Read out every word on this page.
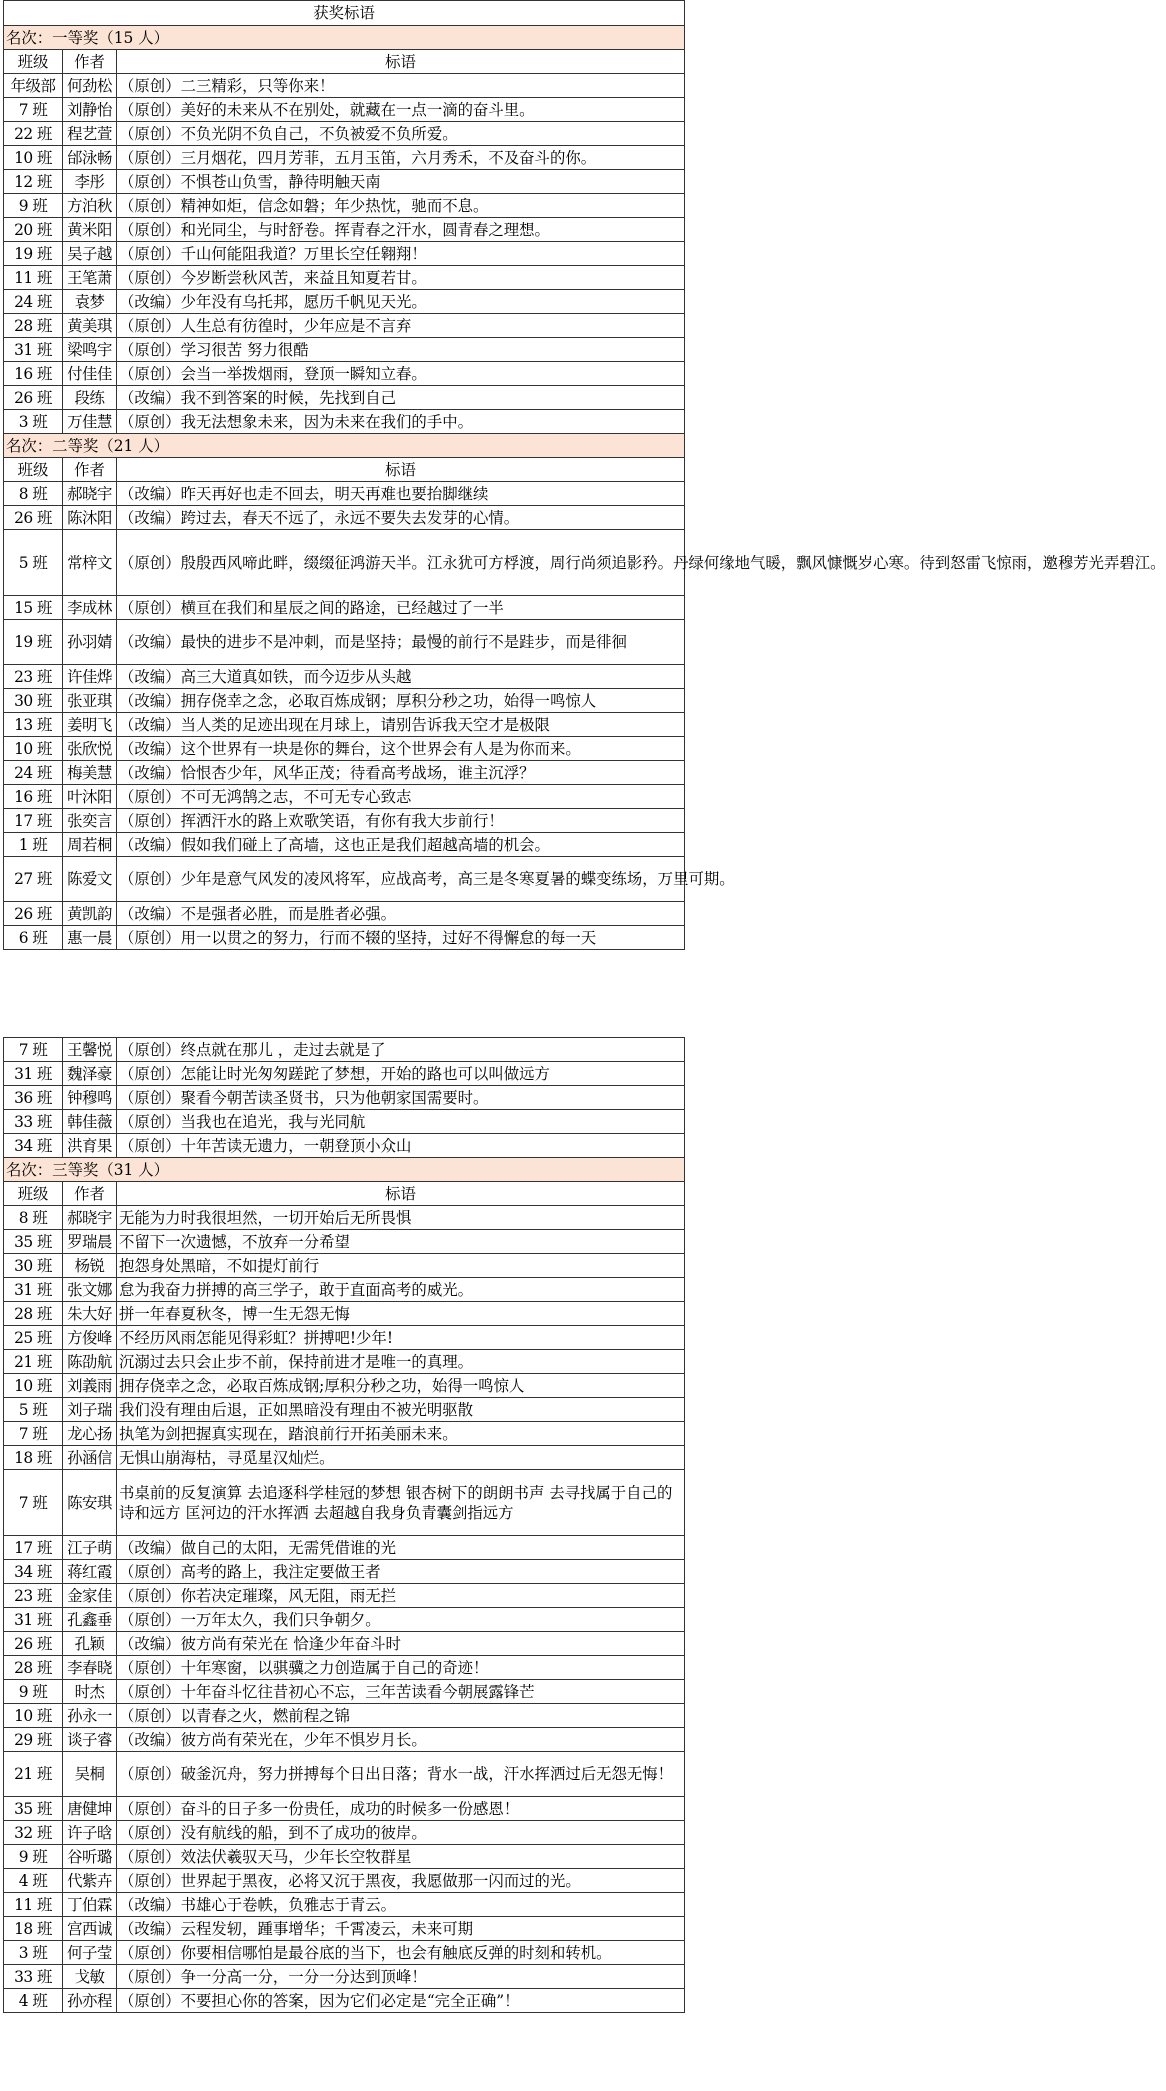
获奖标语		
名次：一等奖（15 人）		
班级	作者	标语
年级部	何劲松	（原创）二三精彩，只等你来！
7 班	刘静怡	（原创）美好的未来从不在别处，就藏在一点一滴的奋斗里。
22 班	程艺萱	（原创）不负光阴不负自己，不负被爱不负所爱。
10 班	邰泳畅	（原创）三月烟花，四月芳菲，五月玉笛，六月秀禾，不及奋斗的你。
12 班	李彤	（原创）不惧苍山负雪，静待明触天南
9 班	方泊秋	（原创）精神如炬，信念如磐；年少热忱，驰而不息。
20 班	黄米阳	（原创）和光同尘，与时舒卷。挥青春之汗水，圆青春之理想。
19 班	吴子越	（原创）千山何能阻我道？万里长空任翱翔！
11 班	王笔萧	（原创）今岁断尝秋风苦，来益且知夏若甘。
24 班	袁梦	（改编）少年没有乌托邦，愿历千帆见天光。
28 班	黄美琪	（原创）人生总有彷徨时，少年应是不言弃
31 班	梁鸣宇	（原创）学习很苦 努力很酷
16 班	付佳佳	（原创）会当一举拨烟雨，登顶一瞬知立春。
26 班	段练	（改编）我不到答案的时候，先找到自己
3 班	万佳慧	（原创）我无法想象未来，因为未来在我们的手中。
名次：二等奖（21 人）		
班级	作者	标语
8 班	郝晓宇	（改编）昨天再好也走不回去，明天再难也要抬脚继续
26 班	陈沐阳	（改编）跨过去，春天不远了，永远不要失去发芽的心情。
5 班	常梓文	（原创）殷殷西风啼此畔，缀缀征鸿游天半。江永犹可方桴渡，周行尚须追影矜。丹绿何缘地气暖，飘风慷慨岁心寒。待到怒雷飞惊雨，邀穆芳光弄碧江。
15 班	李成林	（原创）横亘在我们和星辰之间的路途，已经越过了一半
19 班	孙羽婧	（改编）最快的进步不是冲刺，而是坚持；最慢的前行不是跬步，而是徘徊
23 班	许佳烨	（改编）高三大道真如铁，而今迈步从头越
30 班	张亚琪	（改编）拥存侥幸之念，必取百炼成钢；厚积分秒之功，始得一鸣惊人
13 班	姜明飞	（改编）当人类的足迹出现在月球上，请别告诉我天空才是极限
10 班	张欣悦	（改编）这个世界有一块是你的舞台，这个世界会有人是为你而来。
24 班	梅美慧	（改编）恰恨杏少年，风华正茂；待看高考战场，谁主沉浮？
16 班	叶沐阳	（原创）不可无鸿鹄之志，不可无专心致志
17 班	张奕言	（原创）挥洒汗水的路上欢歌笑语，有你有我大步前行！
1 班	周若桐	（改编）假如我们碰上了高墙，这也正是我们超越高墙的机会。
27 班	陈爱文	（原创）少年是意气风发的凌风将军，应战高考，高三是冬寒夏暑的蝶变练场，万里可期。
26 班	黄凯韵	（改编）不是强者必胜，而是胜者必强。
6 班	惠一晨	（原创）用一以贯之的努力，行而不辍的坚持，过好不得懈怠的每一天
7 班	王馨悦	（原创）终点就在那儿 ，走过去就是了
31 班	魏泽豪	（原创）怎能让时光匆匆蹉跎了梦想，开始的路也可以叫做远方
36 班	钟穆鸣	（原创）聚看今朝苦读圣贤书，只为他朝家国需要时。
33 班	韩佳薇	（原创）当我也在追光，我与光同航
34 班	洪育果	（原创）十年苦读无遗力，一朝登顶小众山
名次：三等奖（31 人）		
班级	作者	标语
8 班	郝晓宇	无能为力时我很坦然，一切开始后无所畏惧
35 班	罗瑞晨	不留下一次遗憾，不放弃一分希望
30 班	杨锐	抱怨身处黑暗，不如提灯前行
31 班	张文娜	怠为我奋力拼搏的高三学子，敢于直面高考的威光。
28 班	朱大好	拼一年春夏秋冬，博一生无怨无悔
25 班	方俊峰	不经历风雨怎能见得彩虹？拼搏吧!少年!
21 班	陈劭航	沉溺过去只会止步不前，保持前进才是唯一的真理。
10 班	刘義雨	拥存侥幸之念，必取百炼成钢;厚积分秒之功，始得一鸣惊人
5 班	刘子瑞	我们没有理由后退，正如黑暗没有理由不被光明驱散
7 班	龙心扬	执笔为剑把握真实现在，踏浪前行开拓美丽未来。
18 班	孙涵信	无惧山崩海枯，寻觅星汉灿烂。
7 班	陈安琪	书桌前的反复演算 去追逐科学桂冠的梦想 银杏树下的朗朗书声 去寻找属于自己的诗和远方 匡河边的汗水挥洒 去超越自我身负青囊剑指远方
17 班	江子萌	（改编）做自己的太阳，无需凭借谁的光
34 班	蒋红霞	（原创）高考的路上，我注定要做王者
23 班	金家佳	（原创）你若决定璀璨，风无阻，雨无拦
31 班	孔鑫垂	（原创）一万年太久，我们只争朝夕。
26 班	孔颖	（改编）彼方尚有荣光在 恰逢少年奋斗时
28 班	李春晓	（原创）十年寒窗，以骐骥之力创造属于自己的奇迹！
9 班	时杰	（原创）十年奋斗忆往昔初心不忘，三年苦读看今朝展露锋芒
10 班	孙永一	（原创）以青春之火，燃前程之锦
29 班	谈子睿	（改编）彼方尚有荣光在，少年不惧岁月长。
21 班	吴桐	（原创）破釜沉舟，努力拼搏每个日出日落；背水一战，汗水挥洒过后无怨无悔！
35 班	唐健坤	（原创）奋斗的日子多一份贵任，成功的时候多一份感恩！
32 班	许子晗	（原创）没有航线的船，到不了成功的彼岸。
9 班	谷听璐	（原创）效法伏羲驭天马，少年长空牧群星
4 班	代紫卉	（原创）世界起于黑夜，必将又沉于黑夜，我愿做那一闪而过的光。
11 班	丁伯霖	（改编）书雄心于卷帙，负雅志于青云。
18 班	宫西诚	（改编）云程发轫，踵事增华；千霄凌云，未来可期
3 班	何子莹	（原创）你要相信哪怕是最谷底的当下，也会有触底反弹的时刻和转机。
33 班	戈敏	（原创）争一分高一分，一分一分达到顶峰！
4 班	孙亦程	（原创）不要担心你的答案，因为它们必定是“完全正确”！
